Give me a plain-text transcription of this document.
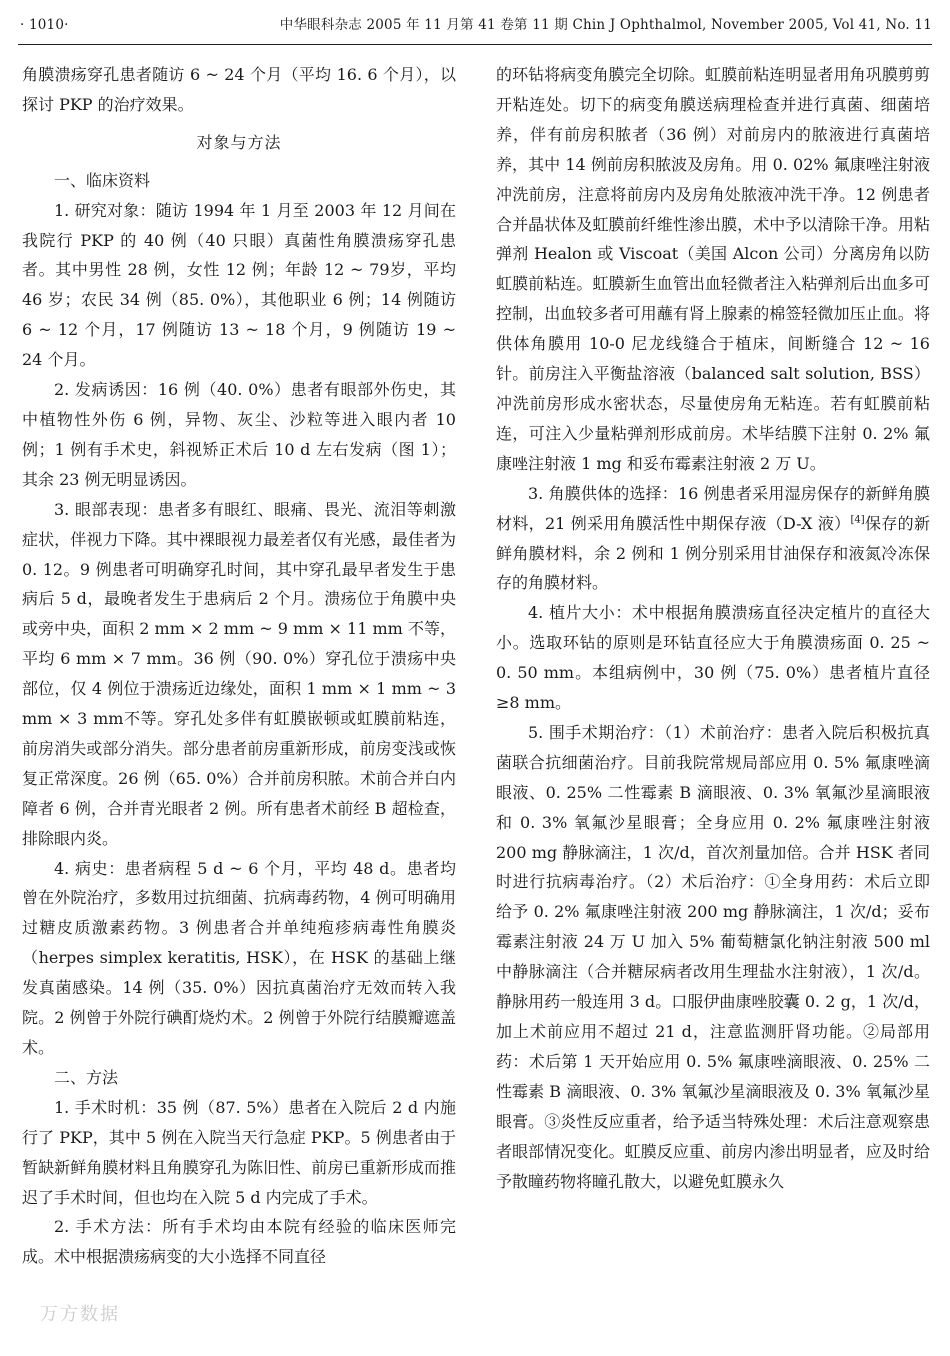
· 1010·	中华眼科杂志 2005 年 11 月第 41 卷第 11 期 Chin J Ophthalmol, November 2005, Vol 41, No. 11

角膜溃疡穿孔患者随访 6 ~ 24 个月（平均 16. 6 个月），以探讨 PKP 的治疗效果。

对象与方法

一、临床资料

1. 研究对象：随访 1994 年 1 月至 2003 年 12 月间在我院行 PKP 的 40 例（40 只眼）真菌性角膜溃疡穿孔患者。其中男性 28 例，女性 12 例；年龄 12 ~ 79岁，平均 46 岁；农民 34 例（85. 0%），其他职业 6 例；14 例随访 6 ~ 12 个月，17 例随访 13 ~ 18 个月，9 例随访 19 ~ 24 个月。

2. 发病诱因：16 例（40. 0%）患者有眼部外伤史，其中植物性外伤 6 例，异物、灰尘、沙粒等进入眼内者 10 例；1 例有手术史，斜视矫正术后 10 d 左右发病（图 1）；其余 23 例无明显诱因。

3. 眼部表现：患者多有眼红、眼痛、畏光、流泪等刺激症状，伴视力下降。其中裸眼视力最差者仅有光感，最佳者为 0. 12。9 例患者可明确穿孔时间，其中穿孔最早者发生于患病后 5 d，最晚者发生于患病后 2 个月。溃疡位于角膜中央或旁中央，面积 2 mm × 2 mm ~ 9 mm × 11 mm 不等，平均 6 mm × 7 mm。36 例（90. 0%）穿孔位于溃疡中央部位，仅 4 例位于溃疡近边缘处，面积 1 mm × 1 mm ~ 3 mm × 3 mm不等。穿孔处多伴有虹膜嵌顿或虹膜前粘连，前房消失或部分消失。部分患者前房重新形成，前房变浅或恢复正常深度。26 例（65. 0%）合并前房积脓。术前合并白内障者 6 例，合并青光眼者 2 例。所有患者术前经 B 超检查，排除眼内炎。

4. 病史：患者病程 5 d ~ 6 个月，平均 48 d。患者均曾在外院治疗，多数用过抗细菌、抗病毒药物，4 例可明确用过糖皮质激素药物。3 例患者合并单纯疱疹病毒性角膜炎（herpes simplex keratitis, HSK），在 HSK 的基础上继发真菌感染。14 例（35. 0%）因抗真菌治疗无效而转入我院。2 例曾于外院行碘酊烧灼术。2 例曾于外院行结膜瓣遮盖术。

二、方法

1. 手术时机：35 例（87. 5%）患者在入院后 2 d 内施行了 PKP，其中 5 例在入院当天行急症 PKP。5 例患者由于暂缺新鲜角膜材料且角膜穿孔为陈旧性、前房已重新形成而推迟了手术时间，但也均在入院 5 d 内完成了手术。

2. 手术方法：所有手术均由本院有经验的临床医师完成。术中根据溃疡病变的大小选择不同直径

的环钻将病变角膜完全切除。虹膜前粘连明显者用角巩膜剪剪开粘连处。切下的病变角膜送病理检查并进行真菌、细菌培养，伴有前房积脓者（36 例）对前房内的脓液进行真菌培养，其中 14 例前房积脓波及房角。用 0. 02% 氟康唑注射液冲洗前房，注意将前房内及房角处脓液冲洗干净。12 例患者合并晶状体及虹膜前纤维性渗出膜，术中予以清除干净。用粘弹剂 Healon 或 Viscoat（美国 Alcon 公司）分离房角以防虹膜前粘连。虹膜新生血管出血轻微者注入粘弹剂后出血多可控制，出血较多者可用蘸有肾上腺素的棉签轻微加压止血。将供体角膜用 10-0 尼龙线缝合于植床，间断缝合 12 ~ 16 针。前房注入平衡盐溶液（balanced salt solution, BSS）冲洗前房形成水密状态，尽量使房角无粘连。若有虹膜前粘连，可注入少量粘弹剂形成前房。术毕结膜下注射 0. 2% 氟康唑注射液 1 mg 和妥布霉素注射液 2 万 U。

3. 角膜供体的选择：16 例患者采用湿房保存的新鲜角膜材料，21 例采用角膜活性中期保存液（D-X 液）[4]保存的新鲜角膜材料，余 2 例和 1 例分别采用甘油保存和液氮冷冻保存的角膜材料。

4. 植片大小：术中根据角膜溃疡直径决定植片的直径大小。选取环钻的原则是环钻直径应大于角膜溃疡面 0. 25 ~ 0. 50 mm。本组病例中，30 例（75. 0%）患者植片直径≥8 mm。

5. 围手术期治疗：（1）术前治疗：患者入院后积极抗真菌联合抗细菌治疗。目前我院常规局部应用 0. 5% 氟康唑滴眼液、0. 25% 二性霉素 B 滴眼液、0. 3% 氧氟沙星滴眼液和 0. 3% 氧氟沙星眼膏；全身应用 0. 2% 氟康唑注射液 200 mg 静脉滴注，1 次/d，首次剂量加倍。合并 HSK 者同时进行抗病毒治疗。（2）术后治疗：①全身用药：术后立即给予 0. 2% 氟康唑注射液 200 mg 静脉滴注，1 次/d；妥布霉素注射液 24 万 U 加入 5% 葡萄糖氯化钠注射液 500 ml 中静脉滴注（合并糖尿病者改用生理盐水注射液），1 次/d。静脉用药一般连用 3 d。口服伊曲康唑胶囊 0. 2 g，1 次/d，加上术前应用不超过 21 d，注意监测肝肾功能。②局部用药：术后第 1 天开始应用 0. 5% 氟康唑滴眼液、0. 25% 二性霉素 B 滴眼液、0. 3% 氧氟沙星滴眼液及 0. 3% 氧氟沙星眼膏。③炎性反应重者，给予适当特殊处理：术后注意观察患者眼部情况变化。虹膜反应重、前房内渗出明显者，应及时给予散瞳药物将瞳孔散大，以避免虹膜永久

万方数据
